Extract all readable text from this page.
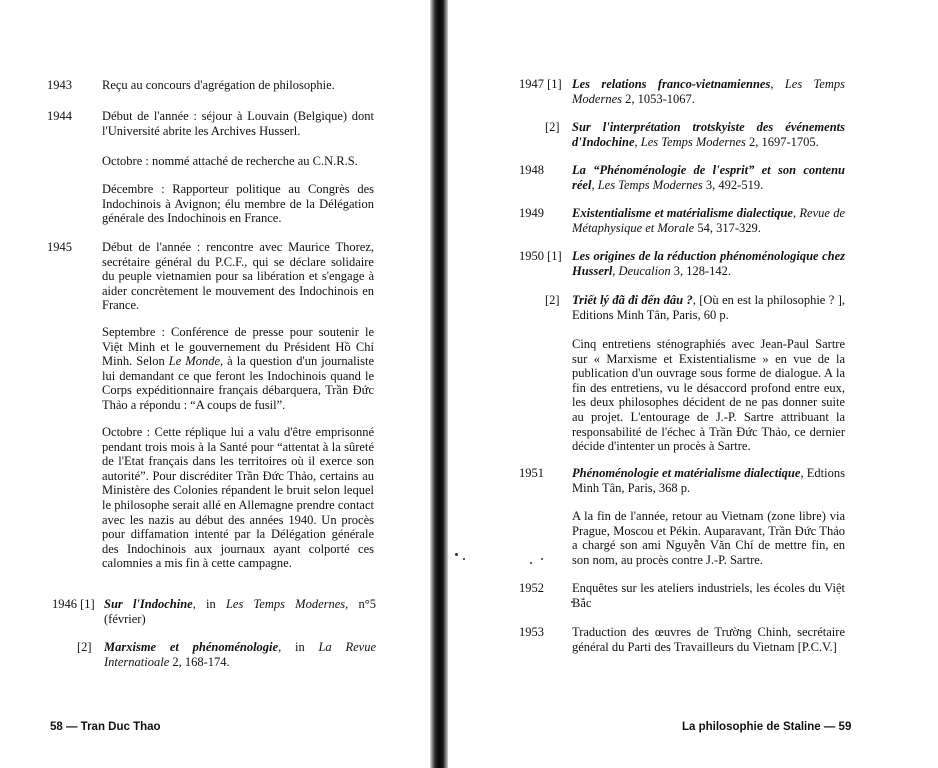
1943 Reçu au concours d'agrégation de philosophie.

1944 Début de l'année : séjour à Louvain (Belgique) dont l'Université abrite les Archives Husserl.

Octobre : nommé attaché de recherche au C.N.R.S.

Décembre : Rapporteur politique au Congrès des Indochinois à Avignon; élu membre de la Délégation générale des Indochinois en France.

1945 Début de l'année : rencontre avec Maurice Thorez, secrétaire général du P.C.F., qui se déclare solidaire du peuple vietnamien pour sa libération et s'engage à aider concrètement le mouvement des Indochinois en France.

Septembre : Conférence de presse pour soutenir le Việt Minh et le gouvernement du Président Hồ Chí Minh. Selon Le Monde, à la question d'un journaliste lui demandant ce que feront les Indochinois quand le Corps expéditionnaire français débarquera, Trần Đức Thảo a répondu : “A coups de fusil”.

Octobre : Cette réplique lui a valu d'être emprisonné pendant trois mois à la Santé pour “attentat à la sûreté de l'Etat français dans les territoires où il exerce son autorité”. Pour discréditer Trần Đức Thảo, certains au Ministère des Colonies répandent le bruit selon lequel le philosophe serait allé en Allemagne prendre contact avec les nazis au début des années 1940. Un procès pour diffamation intenté par la Délégation générale des Indochinois aux journaux ayant colporté ces calomnies a mis fin à cette campagne.

1946 [1] Sur l'Indochine, in Les Temps Modernes, n°5 (février)

[2] Marxisme et phénoménologie, in La Revue Internatioale 2, 168-174.

58 — Tran Duc Thao
1947 [1] Les relations franco-vietnamiennes, Les Temps Modernes 2, 1053-1067.

[2] Sur l'interprétation trotskyiste des événements d'Indochine, Les Temps Modernes 2, 1697-1705.

1948 La “Phénoménologie de l'esprit” et son contenu réel, Les Temps Modernes 3, 492-519.

1949 Existentialisme et matérialisme dialectique, Revue de Métaphysique et Morale 54, 317-329.

1950 [1] Les origines de la réduction phénoménologique chez Husserl, Deucalion 3, 128-142.

[2] Triết lý đã đi đến đâu ?, [Où en est la philosophie ? ], Editions Minh Tân, Paris, 60 p.

Cinq entretiens sténographiés avec Jean-Paul Sartre sur « Marxisme et Existentialisme » en vue de la publication d'un ouvrage sous forme de dialogue. A la fin des entretiens, vu le désaccord profond entre eux, les deux philosophes décident de ne pas donner suite au projet. L'entourage de J.-P. Sartre attribuant la responsabilité de l'échec à Trần Đức Thảo, ce dernier décide d'intenter un procès à Sartre.

1951 Phénoménologie et matérialisme dialectique, Edtions Minh Tân, Paris, 368 p.

A la fin de l'année, retour au Vietnam (zone libre) via Prague, Moscou et Pékin. Auparavant, Trần Đức Thảo a chargé son ami Nguyễn Văn Chí de mettre fin, en son nom, au procès contre J.-P. Sartre.

1952 Enquêtes sur les ateliers industriels, les écoles du Việt Bắc

1953 Traduction des œuvres de Trường Chinh, secrétaire général du Parti des Travailleurs du Vietnam [P.C.V.]

La philosophie de Staline — 59
